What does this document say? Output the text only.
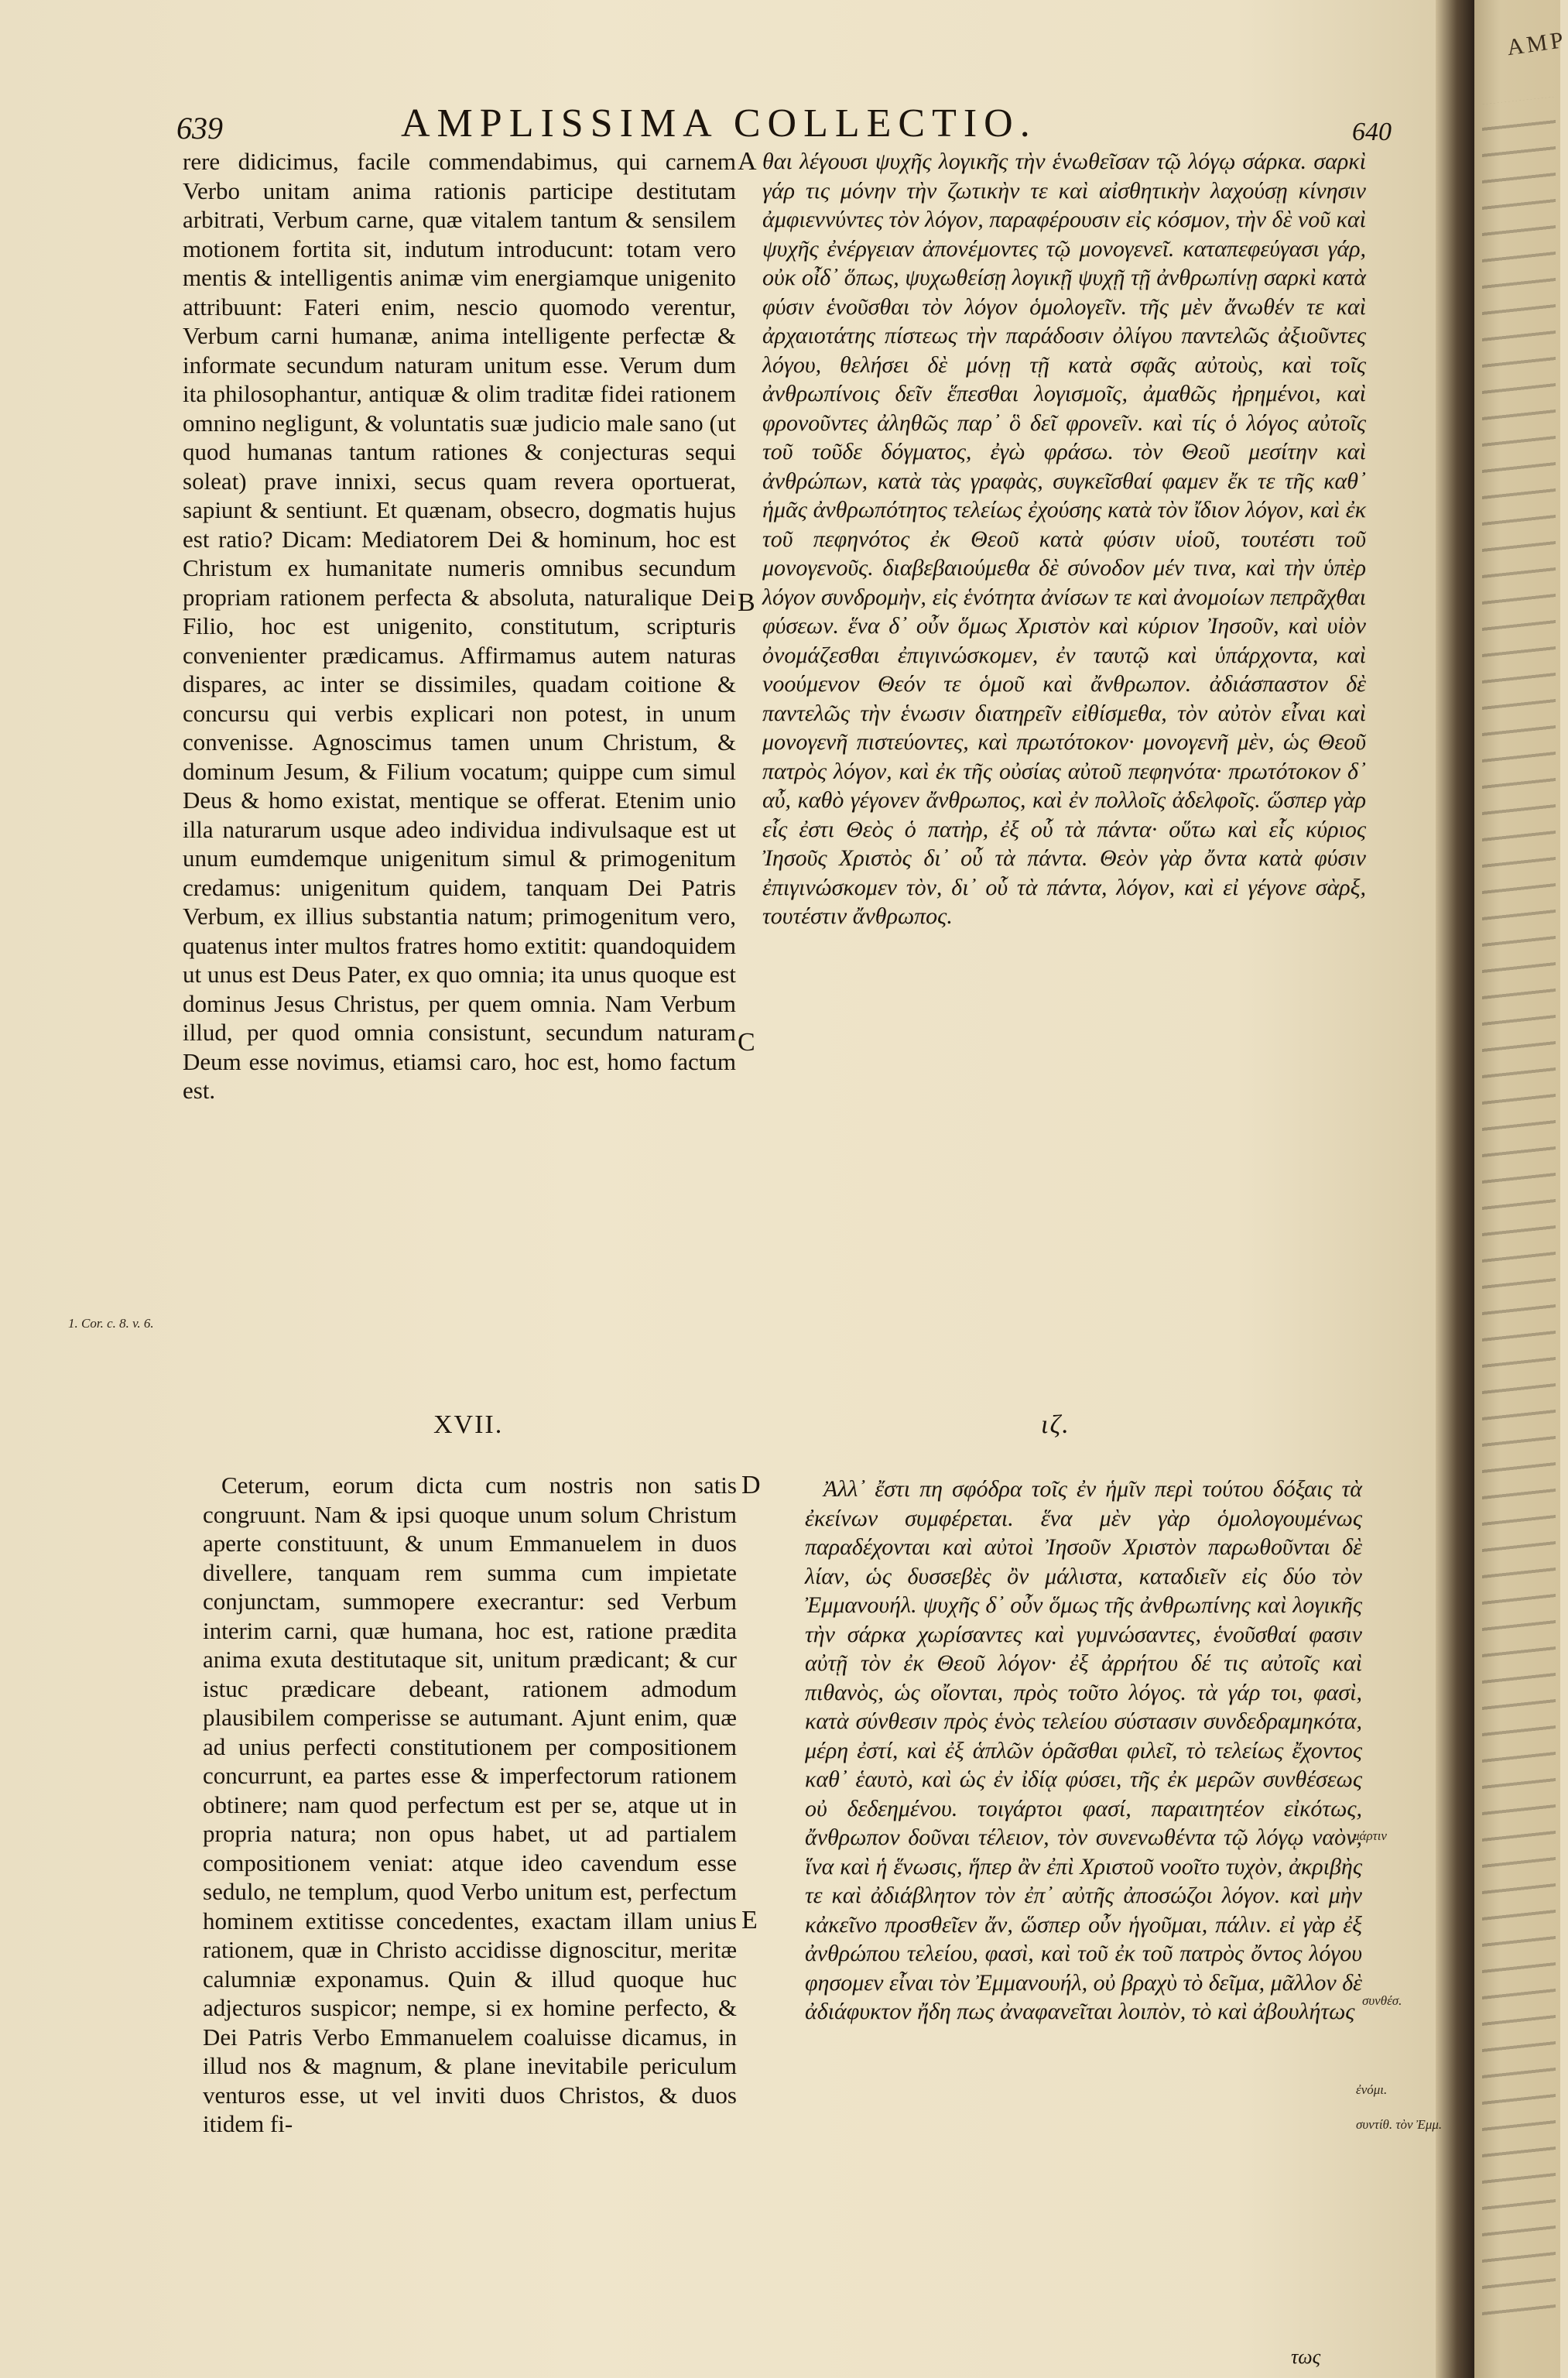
AMP
639	AMPLISSIMA COLLECTIO.	640
A
B
C
D
E

rere didicimus, facile commendabimus, qui carnem Verbo unitam anima rationis participe destitutam arbitrati, Verbum carne, quæ vitalem tantum & sensilem motionem fortita sit, indutum introducunt: totam vero mentis & intelligentis animæ vim energiamque unigenito attribuunt: Fateri enim, nescio quomodo verentur, Verbum carni humanæ, anima intelligente perfectæ & informate secundum naturam unitum esse. Verum dum ita philosophantur, antiquæ & olim traditæ fidei rationem omnino negligunt, & voluntatis suæ judicio male sano (ut quod humanas tantum rationes & conjecturas sequi soleat) prave innixi, secus quam revera oportuerat, sapiunt & sentiunt. Et quænam, obsecro, dogmatis hujus est ratio? Dicam: Mediatorem Dei & hominum, hoc est Christum ex humanitate numeris omnibus secundum propriam rationem perfecta & absoluta, naturalique Dei Filio, hoc est unigenito, constitutum, scripturis convenienter prædicamus. Affirmamus autem naturas dispares, ac inter se dissimiles, quadam coitione & concursu qui verbis explicari non potest, in unum convenisse. Agnoscimus tamen unum Christum, & dominum Jesum, & Filium vocatum; quippe cum simul Deus & homo existat, mentique se offerat. Etenim unio illa naturarum usque adeo individua indivulsaque est ut unum eumdemque unigenitum simul & primogenitum credamus: unigenitum quidem, tanquam Dei Patris Verbum, ex illius substantia natum; primogenitum vero, quatenus inter multos fratres homo extitit: quandoquidem ut unus est Deus Pater, ex quo omnia; ita unus quoque est dominus Jesus Christus, per quem omnia. Nam Verbum illud, per quod omnia consistunt, secundum naturam Deum esse novimus, etiamsi caro, hoc est, homo factum est.

θαι λέγουσι ψυχῆς λογικῆς τὴν ἑνωθεῖσαν τῷ λόγῳ σάρκα. σαρκὶ γάρ τις μόνην τὴν ζωτικὴν τε καὶ αἰσθητικὴν λαχούσῃ κίνησιν ἀμφιεννύντες τὸν λόγον, παραφέρουσιν εἰς κόσμον, τὴν δὲ νοῦ καὶ ψυχῆς ἐνέργειαν ἀπονέμοντες τῷ μονογενεῖ. καταπεφεύγασι γάρ, οὐκ οἶδ᾽ ὅπως, ψυχωθείσῃ λογικῇ ψυχῇ τῇ ἀνθρωπίνῃ σαρκὶ κατὰ φύσιν ἑνοῦσθαι τὸν λόγον ὁμολογεῖν. τῆς μὲν ἄνωθέν τε καὶ ἀρχαιοτάτης πίστεως τὴν παράδοσιν ὀλίγου παντελῶς ἀξιοῦντες λόγου, θελήσει δὲ μόνῃ τῇ κατὰ σφᾶς αὐτοὺς, καὶ τοῖς ἀνθρωπίνοις δεῖν ἕπεσθαι λογισμοῖς, ἀμαθῶς ἠρημένοι, καὶ φρονοῦντες ἀληθῶς παρ᾽ ὃ δεῖ φρονεῖν. καὶ τίς ὁ λόγος αὐτοῖς τοῦ τοῦδε δόγματος, ἐγὼ φράσω. τὸν Θεοῦ μεσίτην καὶ ἀνθρώπων, κατὰ τὰς γραφὰς, συγκεῖσθαί φαμεν ἔκ τε τῆς καθ᾽ ἡμᾶς ἀνθρωπότητος τελείως ἐχούσης κατὰ τὸν ἴδιον λόγον, καὶ ἐκ τοῦ πεφηνότος ἐκ Θεοῦ κατὰ φύσιν υἱοῦ, τουτέστι τοῦ μονογενοῦς. διαβεβαιούμεθα δὲ σύνοδον μέν τινα, καὶ τὴν ὑπὲρ λόγον συνδρομὴν, εἰς ἑνότητα ἀνίσων τε καὶ ἀνομοίων πεπρᾶχθαι φύσεων. ἕνα δ᾽ οὖν ὅμως Χριστὸν καὶ κύριον Ἰησοῦν, καὶ υἱὸν ὀνομάζεσθαι ἐπιγινώσκομεν, ἐν ταυτῷ καὶ ὑπάρχοντα, καὶ νοούμενον Θεόν τε ὁμοῦ καὶ ἄνθρωπον. ἀδιάσπαστον δὲ παντελῶς τὴν ἑνωσιν διατηρεῖν εἰθίσμεθα, τὸν αὐτὸν εἶναι καὶ μονογενῆ πιστεύοντες, καὶ πρωτότοκον· μονογενῆ μὲν, ὡς Θεοῦ πατρὸς λόγον, καὶ ἐκ τῆς οὐσίας αὐτοῦ πεφηνότα· πρωτότοκον δ᾽ αὖ, καθὸ γέγονεν ἄνθρωπος, καὶ ἐν πολλοῖς ἀδελφοῖς. ὥσπερ γὰρ εἷς ἐστι Θεὸς ὁ πατὴρ, ἐξ οὗ τὰ πάντα· οὕτω καὶ εἷς κύριος Ἰησοῦς Χριστὸς δι᾽ οὗ τὰ πάντα. Θεὸν γὰρ ὄντα κατὰ φύσιν ἐπιγινώσκομεν τὸν, δι᾽ οὗ τὰ πάντα, λόγον, καὶ εἰ γέγονε σὰρξ, τουτέστιν ἄνθρωπος.

1. Cor. c. 8. v. 6.
XVII.	ιζ.

Ceterum, eorum dicta cum nostris non satis congruunt. Nam & ipsi quoque unum solum Christum aperte constituunt, & unum Emmanuelem in duos divellere, tanquam rem summa cum impietate conjunctam, summopere execrantur: sed Verbum interim carni, quæ humana, hoc est, ratione prædita anima exuta destitutaque sit, unitum prædicant; & cur istuc prædicare debeant, rationem admodum plausibilem comperisse se autumant. Ajunt enim, quæ ad unius perfecti constitutionem per compositionem concurrunt, ea partes esse & imperfectorum rationem obtinere; nam quod perfectum est per se, atque ut in propria natura; non opus habet, ut ad partialem compositionem veniat: atque ideo cavendum esse sedulo, ne templum, quod Verbo unitum est, perfectum hominem extitisse concedentes, exactam illam unius rationem, quæ in Christo accidisse dignoscitur, meritæ calumniæ exponamus. Quin & illud quoque huc adjecturos suspicor; nempe, si ex homine perfecto, & Dei Patris Verbo Emmanuelem coaluisse dicamus, in illud nos & magnum, & plane inevitabile periculum venturos esse, ut vel inviti duos Christos, & duos itidem fi-

Ἀλλ᾽ ἔστι πη σφόδρα τοῖς ἐν ἡμῖν περὶ τούτου δόξαις τὰ ἐκείνων συμφέρεται. ἕνα μὲν γὰρ ὁμολογουμένως παραδέχονται καὶ αὐτοὶ Ἰησοῦν Χριστὸν παρωθοῦνται δὲ λίαν, ὡς δυσσεβὲς ὂν μάλιστα, καταδιεῖν εἰς δύο τὸν Ἐμμανουήλ. ψυχῆς δ᾽ οὖν ὅμως τῆς ἀνθρωπίνης καὶ λογικῆς τὴν σάρκα χωρίσαντες καὶ γυμνώσαντες, ἑνοῦσθαί φασιν αὐτῇ τὸν ἐκ Θεοῦ λόγον· ἐξ ἀρρήτου δέ τις αὐτοῖς καὶ πιθανὸς, ὡς οἴονται, πρὸς τοῦτο λόγος. τὰ γάρ τοι, φασὶ, κατὰ σύνθεσιν πρὸς ἑνὸς τελείου σύστασιν συνδεδραμηκότα, μέρη ἐστί, καὶ ἐξ ἁπλῶν ὁρᾶσθαι φιλεῖ, τὸ τελείως ἔχοντος καθ᾽ ἑαυτὸ, καὶ ὡς ἐν ἰδίᾳ φύσει, τῆς ἐκ μερῶν συνθέσεως οὐ δεδεημένου. τοιγάρτοι φασί, παραιτητέον εἰκότως, ἄνθρωπον δοῦναι τέλειον, τὸν συνενωθέντα τῷ λόγῳ ναὸν, ἵνα καὶ ἡ ἕνωσις, ἥπερ ἂν ἐπὶ Χριστοῦ νοοῖτο τυχὸν, ἀκριβὴς τε καὶ ἀδιάβλητον τὸν ἐπ᾽ αὐτῆς ἀποσώζοι λόγον. καὶ μὴν κἀκεῖνο προσθεῖεν ἄν, ὥσπερ οὖν ἡγοῦμαι, πάλιν. εἰ γὰρ ἐξ ἀνθρώπου τελείου, φασὶ, καὶ τοῦ ἐκ τοῦ πατρὸς ὄντος λόγου φησομεν εἶναι τὸν Ἐμμανουήλ, οὐ βραχὺ τὸ δεῖμα, μᾶλλον δὲ ἀδιάφυκτον ἤδη πως ἀναφανεῖται λοιπὸν, τὸ καὶ ἀβουλήτως

μάρτιν
συνθέσ.
ἐνόμι.
συντίθ. τὸν Ἐμμ.
τως
